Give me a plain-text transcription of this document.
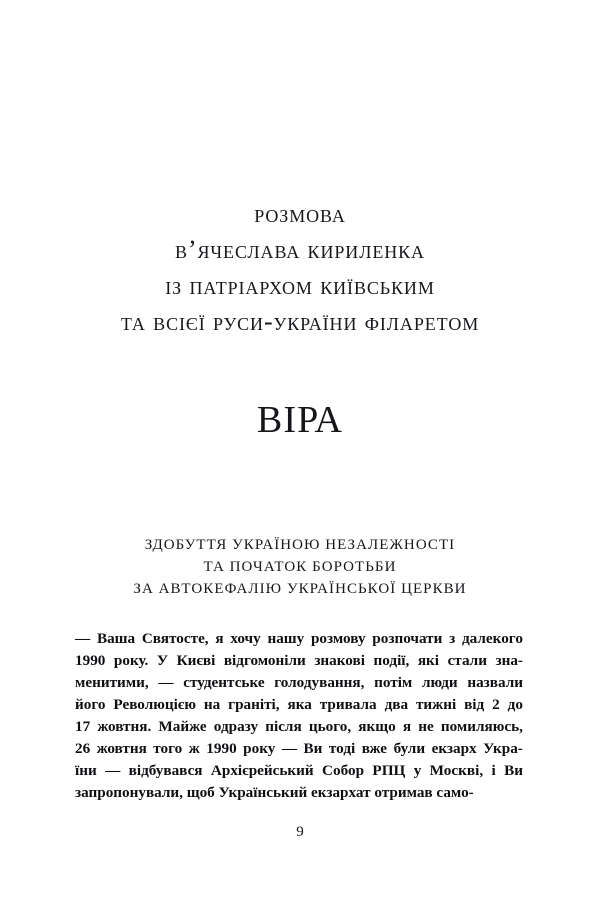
розмова
в’ячеслава кириленка
із патріархом київським
та всієї руси-україни філаретом
ВІРА
ЗДОБУТТЯ УКРАЇНОЮ НЕЗАЛЕЖНОСТІ
ТА ПОЧАТОК БОРОТЬБИ
ЗА АВТОКЕФАЛІЮ УКРАЇНСЬКОЇ ЦЕРКВИ
— Ваша Святосте, я хочу нашу розмову розпочати з далекого
1990 року. У Києві відгомоніли знакові події, які стали зна-
менитими, — студентське голодування, потім люди назвали
його Революцією на граніті, яка тривала два тижні від 2 до
17 жовтня. Майже одразу після цього, якщо я не помиляюсь,
26 жовтня того ж 1990 року — Ви тоді вже були екзарх Укра-
їни — відбувався Архієрейський Собор РПЦ у Москві, і Ви
запропонували, щоб Український екзархат отримав само-
9
